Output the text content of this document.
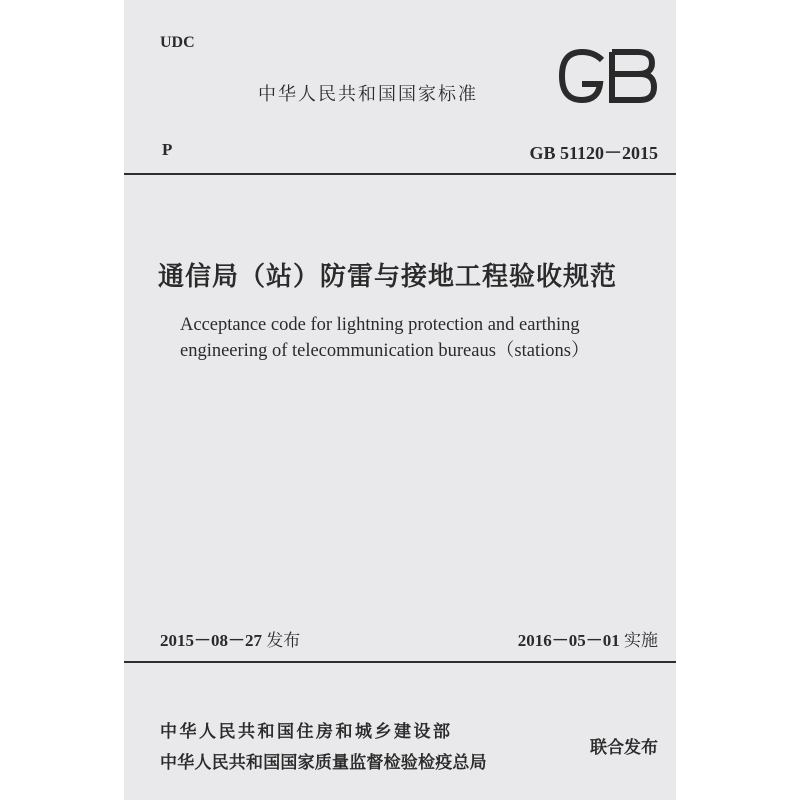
UDC
中华人民共和国国家标准	GB
P	GB 51120－2015
通信局（站）防雷与接地工程验收规范
Acceptance code for lightning protection and earthing
engineering of telecommunication bureaus（stations）
2015－08－27 发布	2016－05－01 实施
中华人民共和国住房和城乡建设部
中华人民共和国国家质量监督检验检疫总局
联合发布
